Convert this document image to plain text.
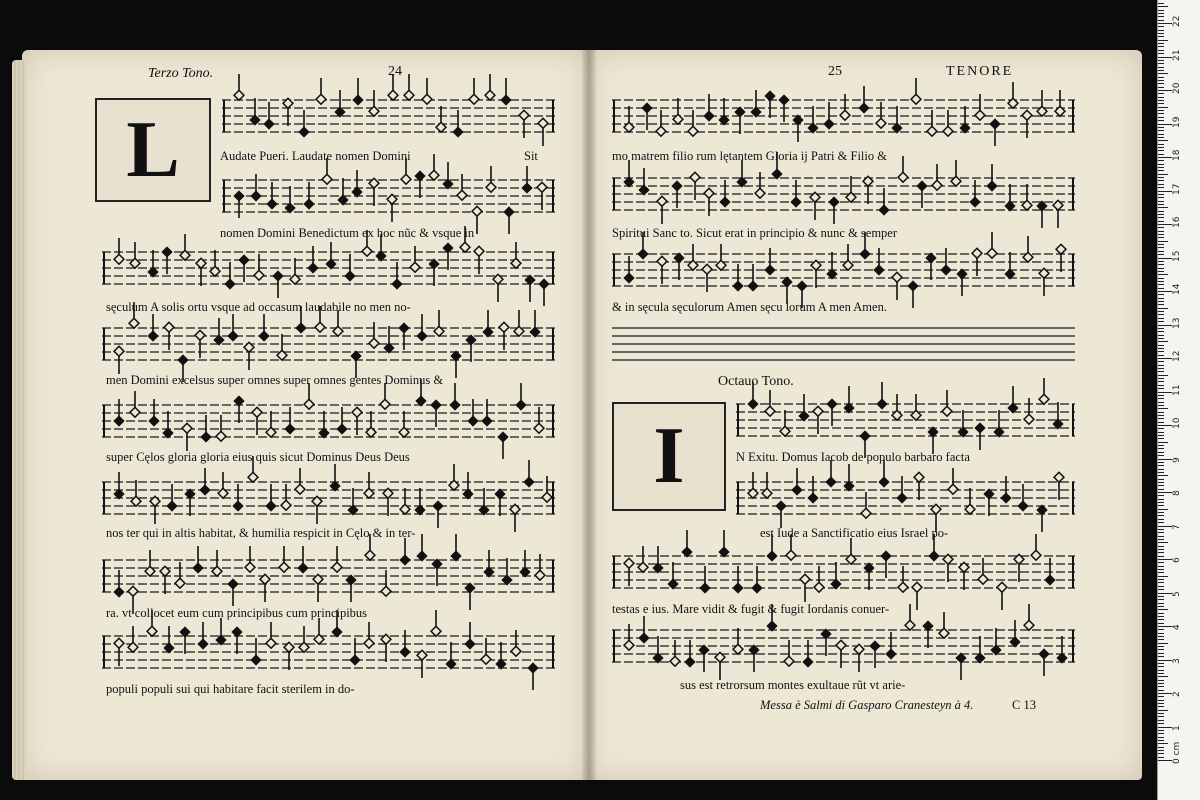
Terzo Tono.	24	25	TENORE
L
I
Audate Pueri. Laudate nomen Domini	Sit
nomen Domini Benedictum ex hoc nũc & vsque in
sęculum A solis ortu vsque ad occasum laudabile no men no-
men Domini excelsus super omnes super omnes gentes Dominus &
super Cęlos gloria gloria eius quis sicut Dominus Deus Deus
nos ter qui in altis habitat, & humilia respicit in Cęlo & in ter-
ra. vt collocet eum cum principibus cum principibus
populi populi sui qui habitare facit sterilem in do-
mo matrem filio rum lętantem Gloria ij Patri & Filio &
Spiritui Sanc to. Sicut erat in principio & nunc & semper
& in sęcula sęculorum Amen sęcu lorum A men Amen.
Octauo Tono.
N Exitu. Domus Iacob de populo barbaro facta
est Iude a Sanctificatio eius Israel po-
testas e ius. Mare vidit & fugit & fugit Iordanis conuer-
sus est retrorsum montes exultaue rũt vt arie-
Messa è Salmi di Gasparo Cranesteyn à 4.	C 13
0 cm
1
2
3
4
5
6
7
8
9
10
11
12
13
14
15
16
17
18
19
20
21
22
